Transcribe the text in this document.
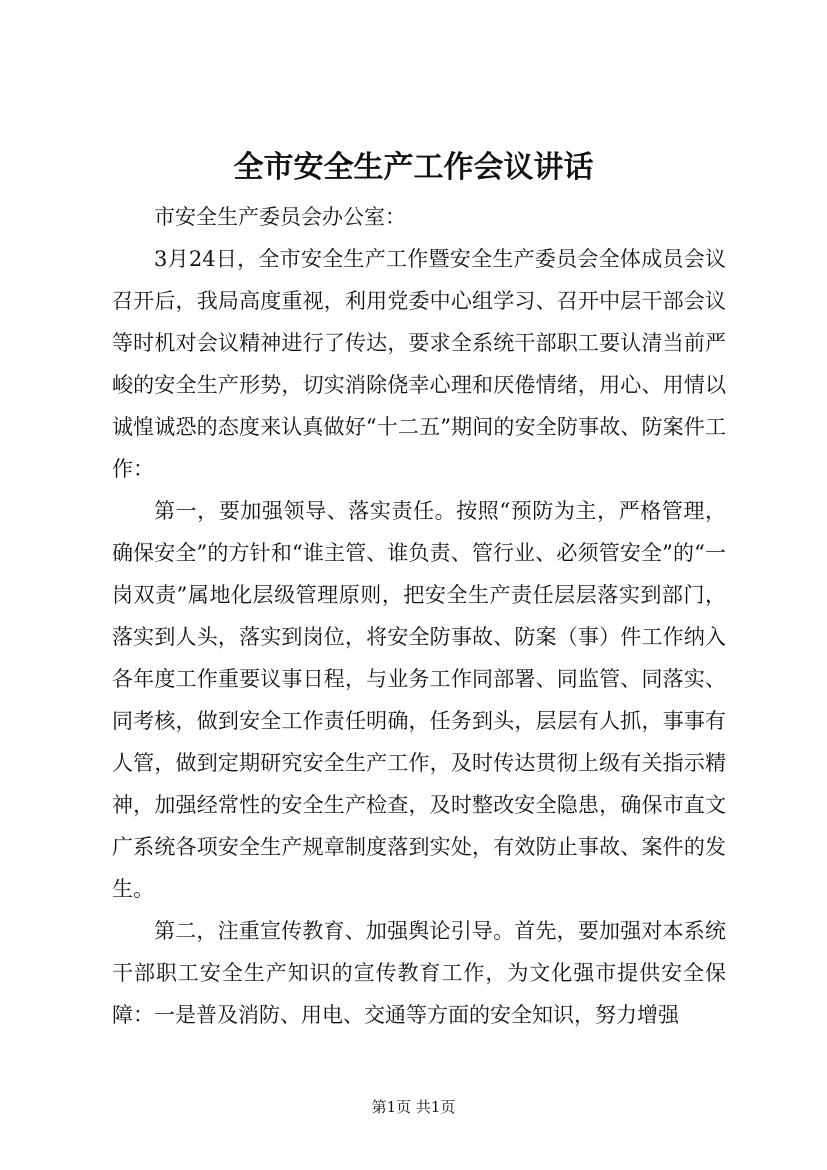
全市安全生产工作会议讲话

市安全生产委员会办公室：

3月24日，全市安全生产工作暨安全生产委员会全体成员会议召开后，我局高度重视，利用党委中心组学习、召开中层干部会议等时机对会议精神进行了传达，要求全系统干部职工要认清当前严峻的安全生产形势，切实消除侥幸心理和厌倦情绪，用心、用情以诚惶诚恐的态度来认真做好“十二五”期间的安全防事故、防案件工作：

第一，要加强领导、落实责任。按照“预防为主，严格管理，确保安全”的方针和“谁主管、谁负责、管行业、必须管安全”的“一岗双责”属地化层级管理原则，把安全生产责任层层落实到部门，落实到人头，落实到岗位，将安全防事故、防案（事）件工作纳入各年度工作重要议事日程，与业务工作同部署、同监管、同落实、同考核，做到安全工作责任明确，任务到头，层层有人抓，事事有人管，做到定期研究安全生产工作，及时传达贯彻上级有关指示精神，加强经常性的安全生产检查，及时整改安全隐患，确保市直文广系统各项安全生产规章制度落到实处，有效防止事故、案件的发生。

第二，注重宣传教育、加强舆论引导。首先，要加强对本系统干部职工安全生产知识的宣传教育工作，为文化强市提供安全保障：一是普及消防、用电、交通等方面的安全知识，努力增强

第1页 共1页
